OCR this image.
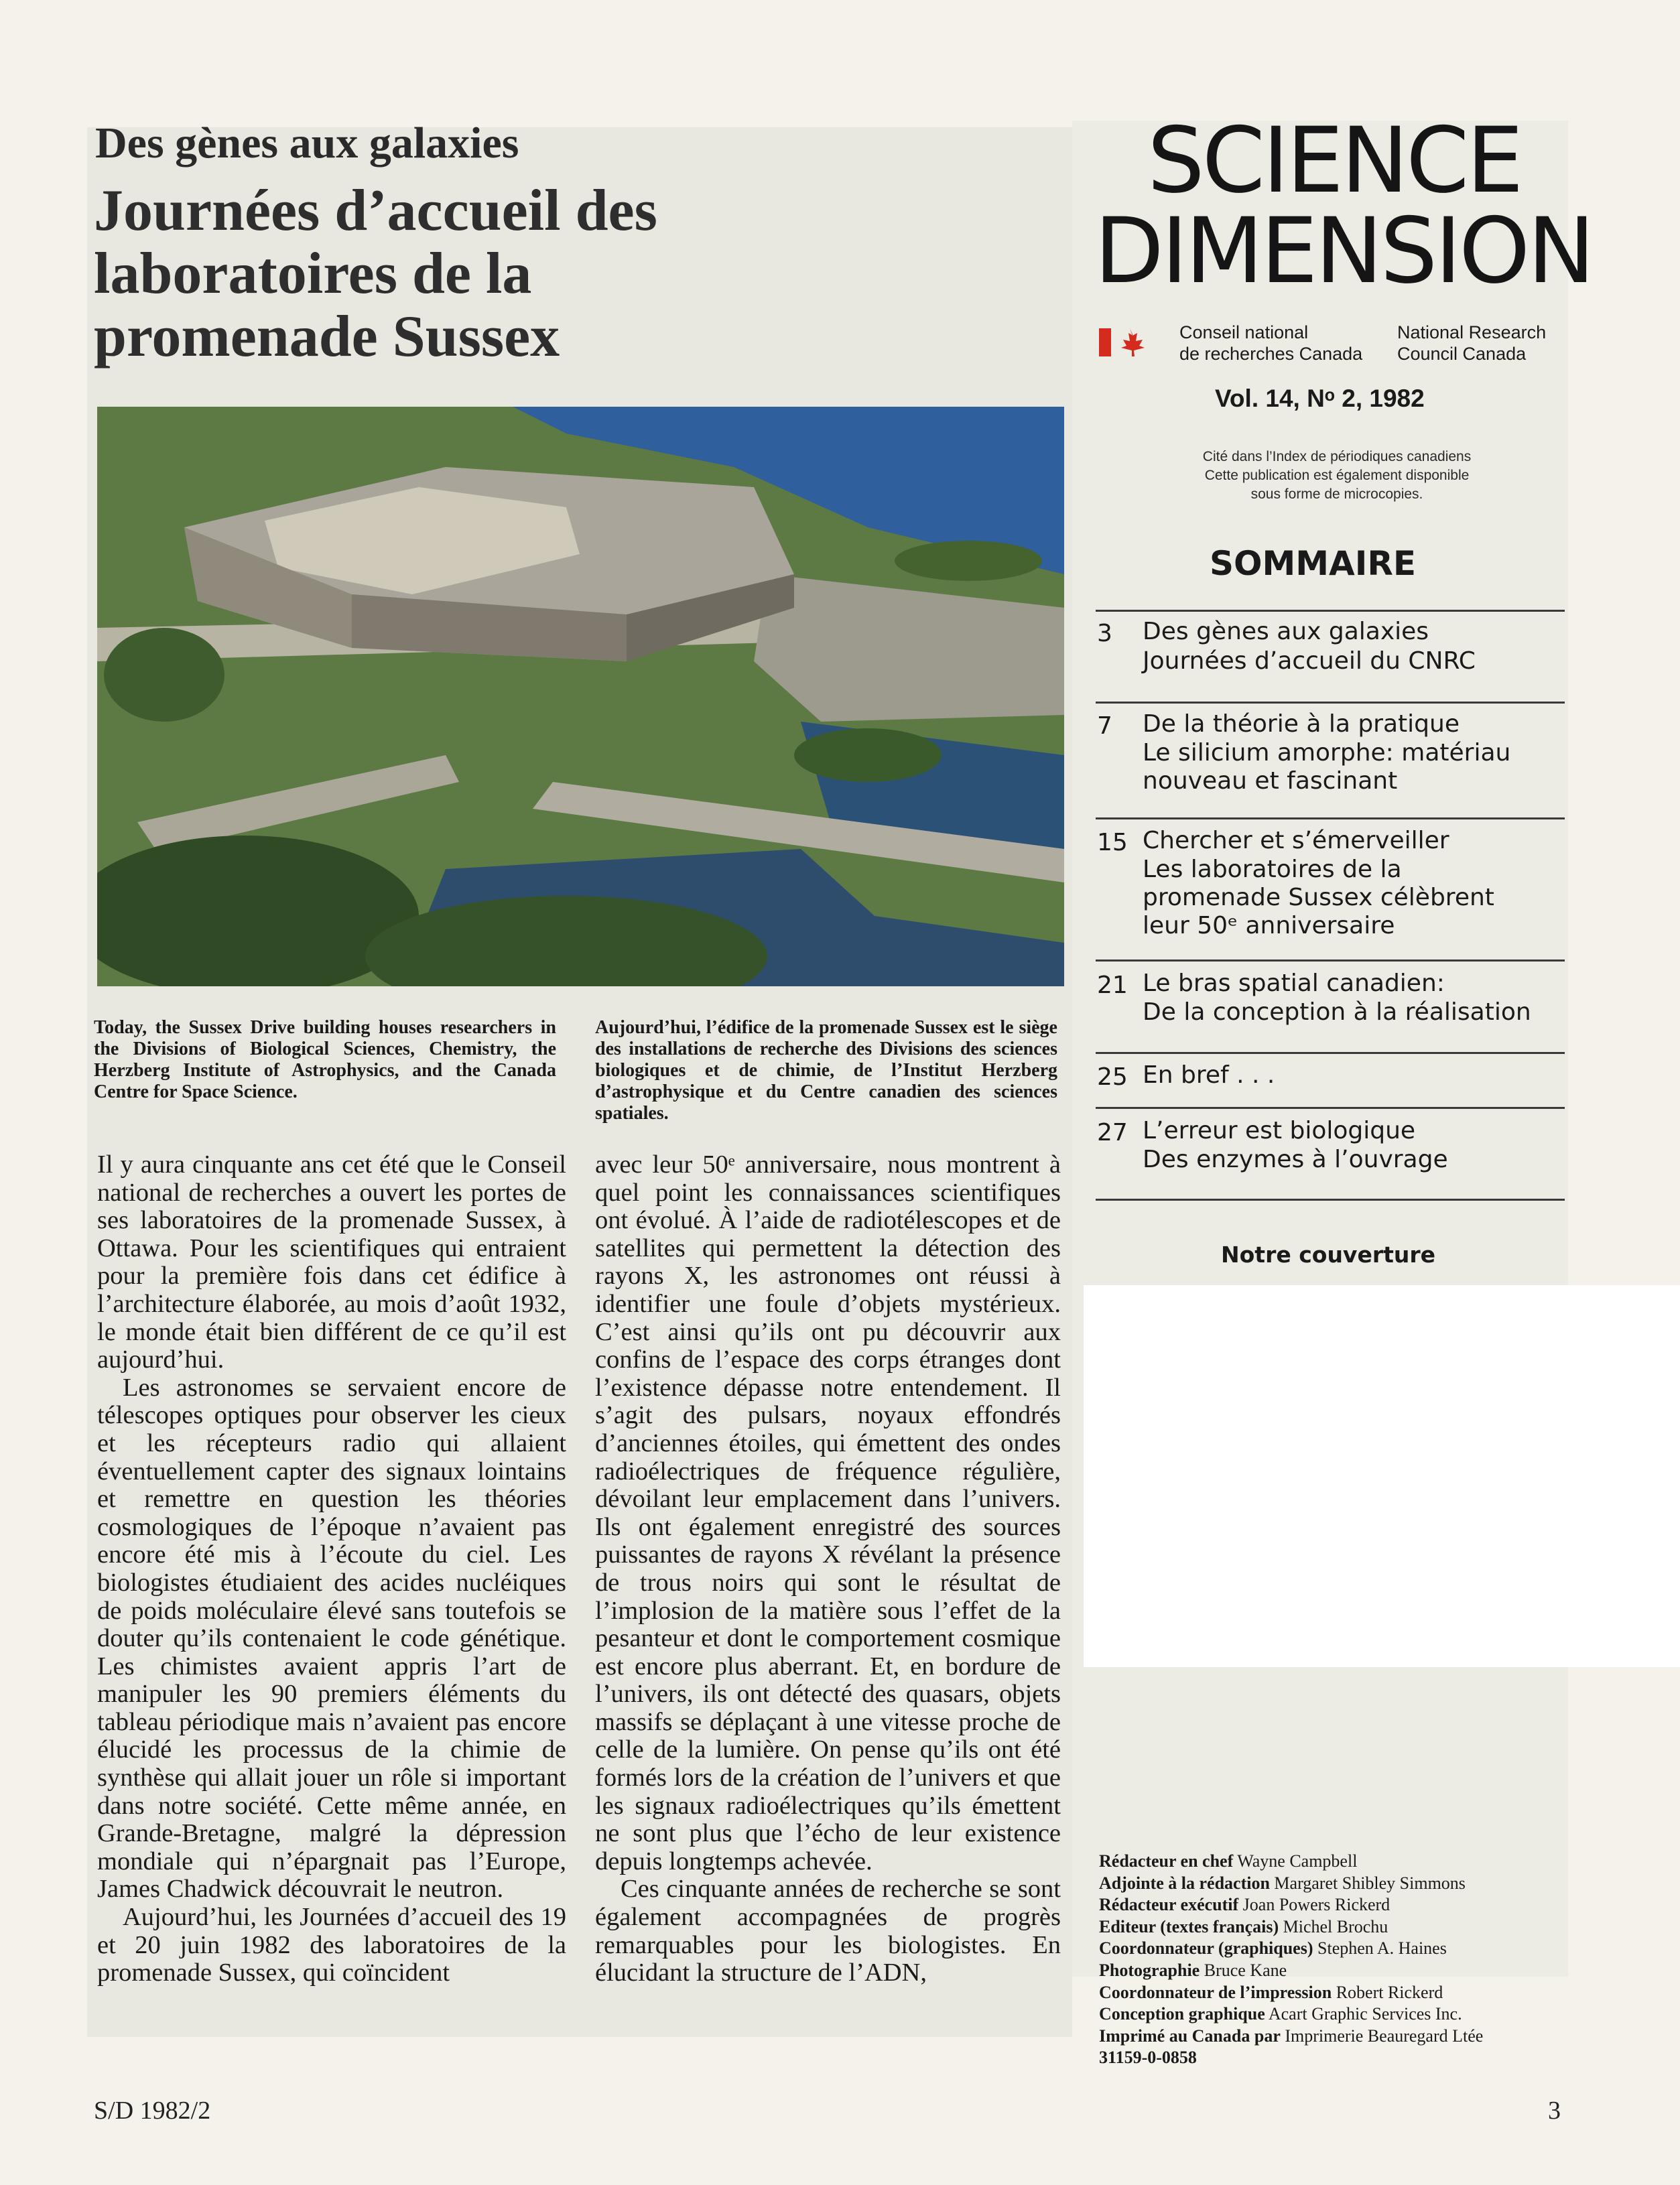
Des gènes aux galaxies
Journées d’accueil des
laboratoires de la
promenade Sussex
Today, the Sussex Drive building houses researchers in the Divisions of Biological Sciences, Chemistry, the Herzberg Institute of Astrophysics, and the Canada Centre for Space Science.
Aujourd’hui, l’édifice de la promenade Sussex est le siège des installations de recherche des Divisions des sciences biologiques et de chimie, de l’Institut Herzberg d’astrophysique et du Centre canadien des sciences spatiales.

Il y aura cinquante ans cet été que le Conseil national de recherches a ouvert les portes de ses laboratoires de la promenade Sussex, à Ottawa. Pour les scientifiques qui entraient pour la première fois dans cet édifice à l’architecture élaborée, au mois d’août 1932, le monde était bien différent de ce qu’il est aujourd’hui.

Les astronomes se servaient encore de télescopes optiques pour observer les cieux et les récepteurs radio qui allaient éventuellement capter des signaux lointains et remettre en question les théories cosmologiques de l’époque n’avaient pas encore été mis à l’écoute du ciel. Les biologistes étudiaient des acides nucléiques de poids moléculaire élevé sans toutefois se douter qu’ils contenaient le code génétique. Les chimistes avaient appris l’art de manipuler les 90 premiers éléments du tableau périodique mais n’avaient pas encore élucidé les processus de la chimie de synthèse qui allait jouer un rôle si important dans notre société. Cette même année, en Grande-Bretagne, malgré la dépression mondiale qui n’épargnait pas l’Europe, James Chadwick découvrait le neutron.

Aujourd’hui, les Journées d’accueil des 19 et 20 juin 1982 des laboratoires de la promenade Sussex, qui coïncident

avec leur 50ᵉ anniversaire, nous montrent à quel point les connaissances scientifiques ont évolué. À l’aide de radiotélescopes et de satellites qui permettent la détection des rayons X, les astronomes ont réussi à identifier une foule d’objets mystérieux. C’est ainsi qu’ils ont pu découvrir aux confins de l’espace des corps étranges dont l’existence dépasse notre entendement. Il s’agit des pulsars, noyaux effondrés d’anciennes étoiles, qui émettent des ondes radioélectriques de fréquence régulière, dévoilant leur emplacement dans l’univers. Ils ont également enregistré des sources puissantes de rayons X révélant la présence de trous noirs qui sont le résultat de l’implosion de la matière sous l’effet de la pesanteur et dont le comportement cosmique est encore plus aberrant. Et, en bordure de l’univers, ils ont détecté des quasars, objets massifs se déplaçant à une vitesse proche de celle de la lumière. On pense qu’ils ont été formés lors de la création de l’univers et que les signaux radioélectriques qu’ils émettent ne sont plus que l’écho de leur existence depuis longtemps achevée.

Ces cinquante années de recherche se sont également accompagnées de progrès remarquables pour les biologistes. En élucidant la structure de l’ADN,

S/D 1982/2	3
SCIENCE
DIMENSION
Conseil national
de recherches Canada
National Research
Council Canada
Vol. 14, Nᵒ 2, 1982
Cité dans l’Index de périodiques canadiens
Cette publication est également disponible
sous forme de microcopies.
SOMMAIRE
3 Des gènes aux galaxies
Journées d’accueil du CNRC
7 De la théorie à la pratique
Le silicium amorphe: matériau
nouveau et fascinant
15 Chercher et s’émerveiller
Les laboratoires de la
promenade Sussex célèbrent
leur 50ᵉ anniversaire
21 Le bras spatial canadien:
De la conception à la réalisation
25 En bref . . .
27 L’erreur est biologique
Des enzymes à l’ouvrage
Notre couverture
Rédacteur en chef Wayne Campbell
Adjointe à la rédaction Margaret Shibley Simmons
Rédacteur exécutif Joan Powers Rickerd
Editeur (textes français) Michel Brochu
Coordonnateur (graphiques) Stephen A. Haines
Photographie Bruce Kane
Coordonnateur de l’impression Robert Rickerd
Conception graphique Acart Graphic Services Inc.
Imprimé au Canada par Imprimerie Beauregard Ltée
31159-0-0858
